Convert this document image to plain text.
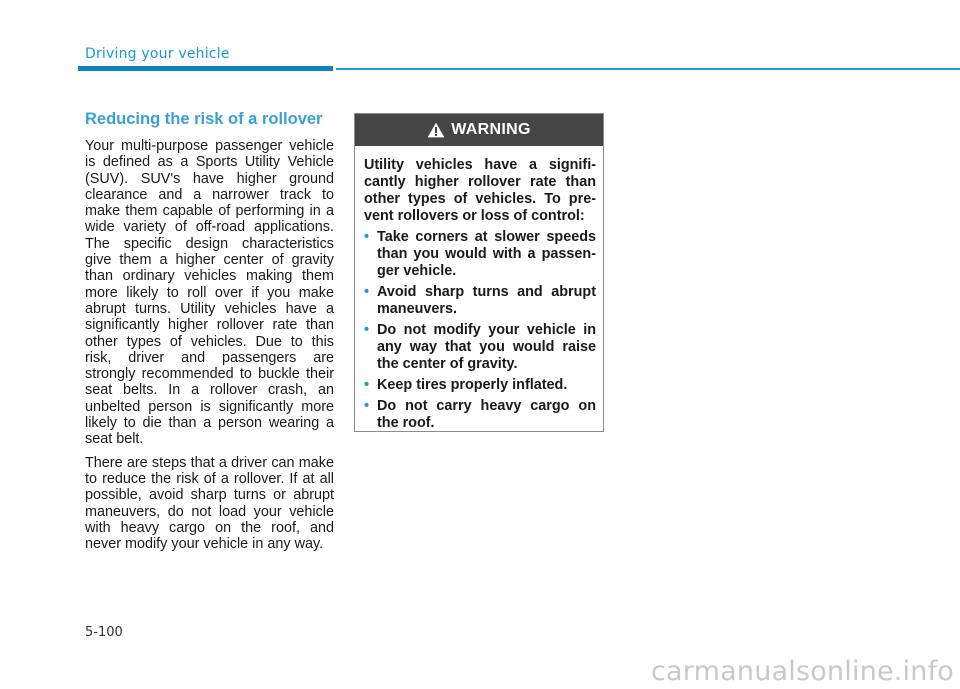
Driving your vehicle
Reducing the risk of a rollover

Your multi-purpose passenger vehicle is defined as a Sports Utility Vehicle (SUV). SUV's have higher ground clearance and a narrower track to make them capable of performing in a wide variety of off-road applications. The specific design characteristics give them a higher center of gravity than ordinary vehicles making them more likely to roll over if you make abrupt turns. Utility vehicles have a significantly higher rollover rate than other types of vehicles. Due to this risk, driver and passengers are strongly recommended to buckle their seat belts. In a rollover crash, an unbelted person is significantly more likely to die than a person wearing a seat belt.

There are steps that a driver can make to reduce the risk of a rollover. If at all possible, avoid sharp turns or abrupt maneuvers, do not load your vehicle with heavy cargo on the roof, and never modify your vehicle in any way.

WARNING

Utility vehicles have a significantly higher rollover rate than other types of vehicles. To prevent rollovers or loss of control:

• Take corners at slower speeds than you would with a passenger vehicle.
• Avoid sharp turns and abrupt maneuvers.
• Do not modify your vehicle in any way that you would raise the center of gravity.
• Keep tires properly inflated.
• Do not carry heavy cargo on the roof.
5-100
carmanualsonline.info
